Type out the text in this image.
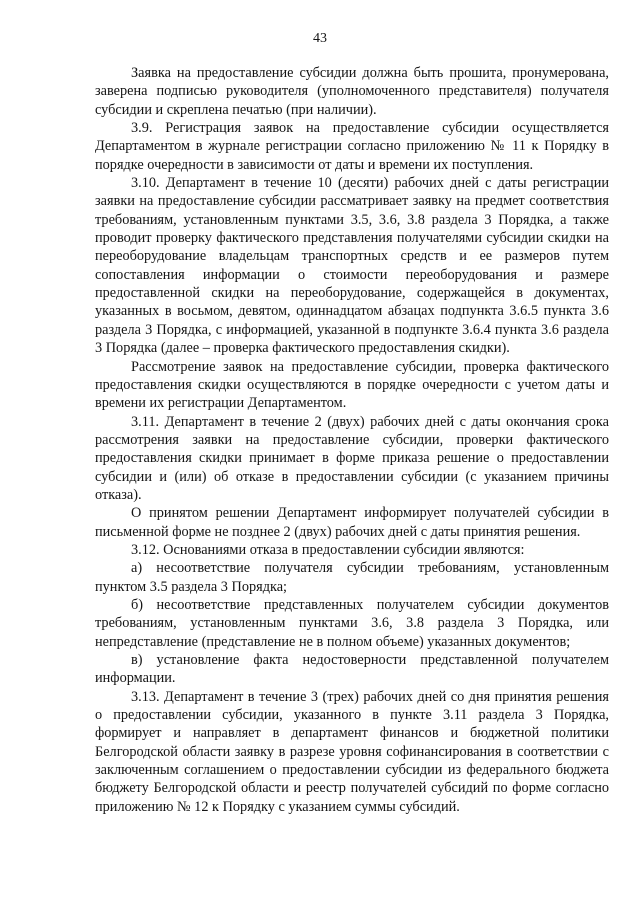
43

Заявка на предоставление субсидии должна быть прошита, пронумерована, заверена подписью руководителя (уполномоченного представителя) получателя субсидии и скреплена печатью (при наличии).

3.9. Регистрация заявок на предоставление субсидии осуществляется Департаментом в журнале регистрации согласно приложению № 11 к Порядку в порядке очередности в зависимости от даты и времени их поступления.

3.10. Департамент в течение 10 (десяти) рабочих дней с даты регистрации заявки на предоставление субсидии рассматривает заявку на предмет соответствия требованиям, установленным пунктами 3.5, 3.6, 3.8 раздела 3 Порядка, а также проводит проверку фактического представления получателями субсидии скидки на переоборудование владельцам транспортных средств и ее размеров путем сопоставления информации о стоимости переоборудования и размере предоставленной скидки на переоборудование, содержащейся в документах, указанных в восьмом, девятом, одиннадцатом абзацах подпункта 3.6.5 пункта 3.6 раздела 3 Порядка, с информацией, указанной в подпункте 3.6.4 пункта 3.6 раздела 3 Порядка (далее – проверка фактического предоставления скидки).

Рассмотрение заявок на предоставление субсидии, проверка фактического предоставления скидки осуществляются в порядке очередности с учетом даты и времени их регистрации Департаментом.

3.11. Департамент в течение 2 (двух) рабочих дней с даты окончания срока рассмотрения заявки на предоставление субсидии, проверки фактического предоставления скидки принимает в форме приказа решение о предоставлении субсидии и (или) об отказе в предоставлении субсидии (с указанием причины отказа).

О принятом решении Департамент информирует получателей субсидии в письменной форме не позднее 2 (двух) рабочих дней с даты принятия решения.

3.12. Основаниями отказа в предоставлении субсидии являются:

а) несоответствие получателя субсидии требованиям, установленным пунктом 3.5 раздела 3 Порядка;

б) несоответствие представленных получателем субсидии документов требованиям, установленным пунктами 3.6, 3.8 раздела 3 Порядка, или непредставление (представление не в полном объеме) указанных документов;

в) установление факта недостоверности представленной получателем информации.

3.13. Департамент в течение 3 (трех) рабочих дней со дня принятия решения о предоставлении субсидии, указанного в пункте 3.11 раздела 3 Порядка, формирует и направляет в департамент финансов и бюджетной политики Белгородской области заявку в разрезе уровня софинансирования в соответствии с заключенным соглашением о предоставлении субсидии из федерального бюджета бюджету Белгородской области и реестр получателей субсидий по форме согласно приложению № 12 к Порядку с указанием суммы субсидий.
